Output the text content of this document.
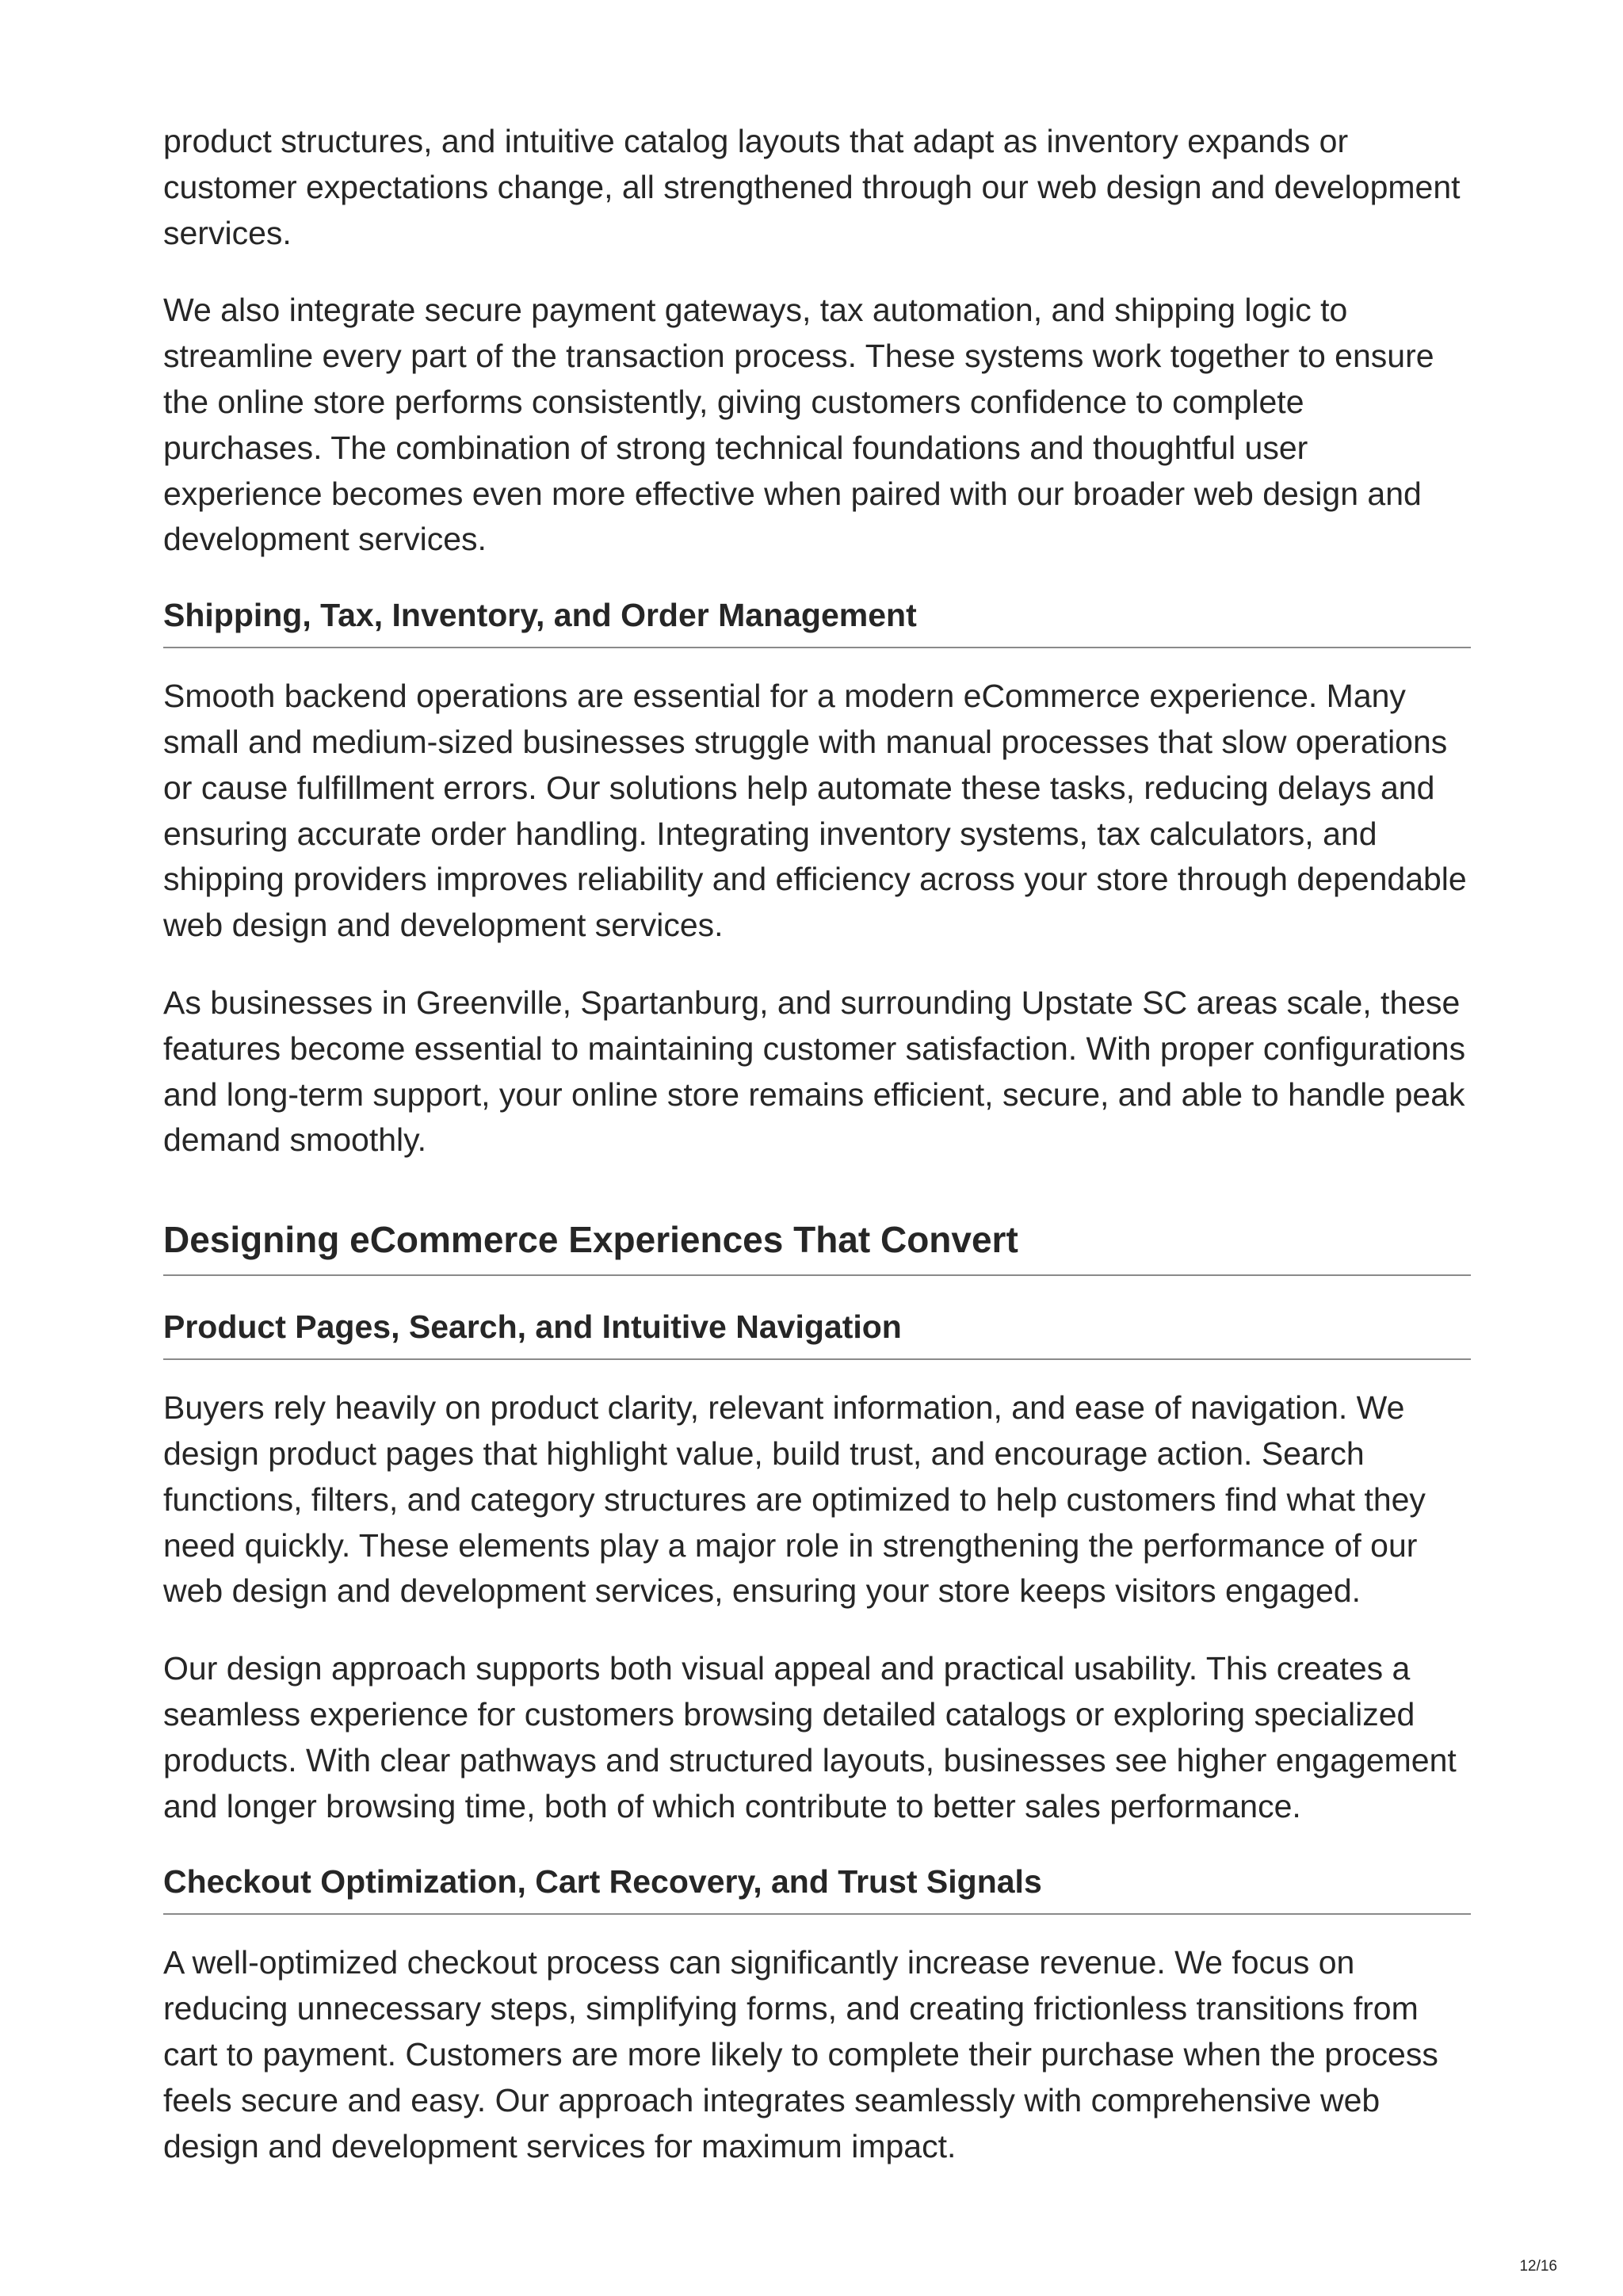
product structures, and intuitive catalog layouts that adapt as inventory expands or customer expectations change, all strengthened through our web design and development services.

We also integrate secure payment gateways, tax automation, and shipping logic to streamline every part of the transaction process. These systems work together to ensure the online store performs consistently, giving customers confidence to complete purchases. The combination of strong technical foundations and thoughtful user experience becomes even more effective when paired with our broader web design and development services.

Shipping, Tax, Inventory, and Order Management

Smooth backend operations are essential for a modern eCommerce experience. Many small and medium-sized businesses struggle with manual processes that slow operations or cause fulfillment errors. Our solutions help automate these tasks, reducing delays and ensuring accurate order handling. Integrating inventory systems, tax calculators, and shipping providers improves reliability and efficiency across your store through dependable web design and development services.

As businesses in Greenville, Spartanburg, and surrounding Upstate SC areas scale, these features become essential to maintaining customer satisfaction. With proper configurations and long-term support, your online store remains efficient, secure, and able to handle peak demand smoothly.

Designing eCommerce Experiences That Convert
Product Pages, Search, and Intuitive Navigation

Buyers rely heavily on product clarity, relevant information, and ease of navigation. We design product pages that highlight value, build trust, and encourage action. Search functions, filters, and category structures are optimized to help customers find what they need quickly. These elements play a major role in strengthening the performance of our web design and development services, ensuring your store keeps visitors engaged.

Our design approach supports both visual appeal and practical usability. This creates a seamless experience for customers browsing detailed catalogs or exploring specialized products. With clear pathways and structured layouts, businesses see higher engagement and longer browsing time, both of which contribute to better sales performance.

Checkout Optimization, Cart Recovery, and Trust Signals

A well-optimized checkout process can significantly increase revenue. We focus on reducing unnecessary steps, simplifying forms, and creating frictionless transitions from cart to payment. Customers are more likely to complete their purchase when the process feels secure and easy. Our approach integrates seamlessly with comprehensive web design and development services for maximum impact.

12/16
